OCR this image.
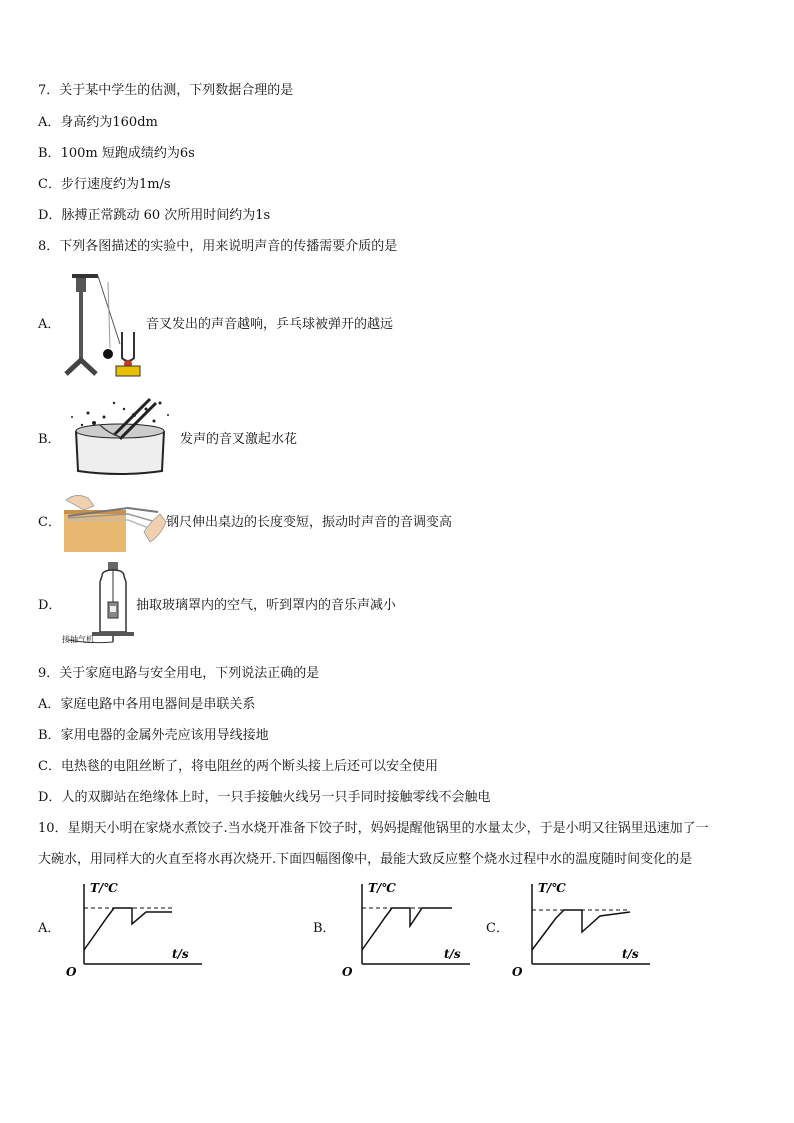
7．关于某中学生的估测，下列数据合理的是
A．身高约为160dm
B．100m 短跑成绩约为6s
C．步行速度约为1m/s
D．脉搏正常跳动 60 次所用时间约为1s
8．下列各图描述的实验中，用来说明声音的传播需要介质的是
A．	音叉发出的声音越响，乒乓球被弹开的越远
B．	发声的音叉激起水花
C．	钢尺伸出桌边的长度变短，振动时声音的音调变高
D．
接抽气机
抽取玻璃罩内的空气，听到罩内的音乐声减小
9．关于家庭电路与安全用电，下列说法正确的是
A．家庭电路中各用电器间是串联关系
B．家用电器的金属外壳应该用导线接地
C．电热毯的电阻丝断了，将电阻丝的两个断头接上后还可以安全使用
D．人的双脚站在绝缘体上时，一只手接触火线另一只手同时接触零线不会触电
10．星期天小明在家烧水煮饺子.当水烧开准备下饺子时，妈妈提醒他锅里的水量太少，于是小明又往锅里迅速加了一
大碗水，用同样大的火直至将水再次烧开.下面四幅图像中，最能大致反应整个烧水过程中水的温度随时间变化的是
A．
T/℃
t/s
O
B．
T/℃
t/s
O
C．
T/℃
t/s
O
